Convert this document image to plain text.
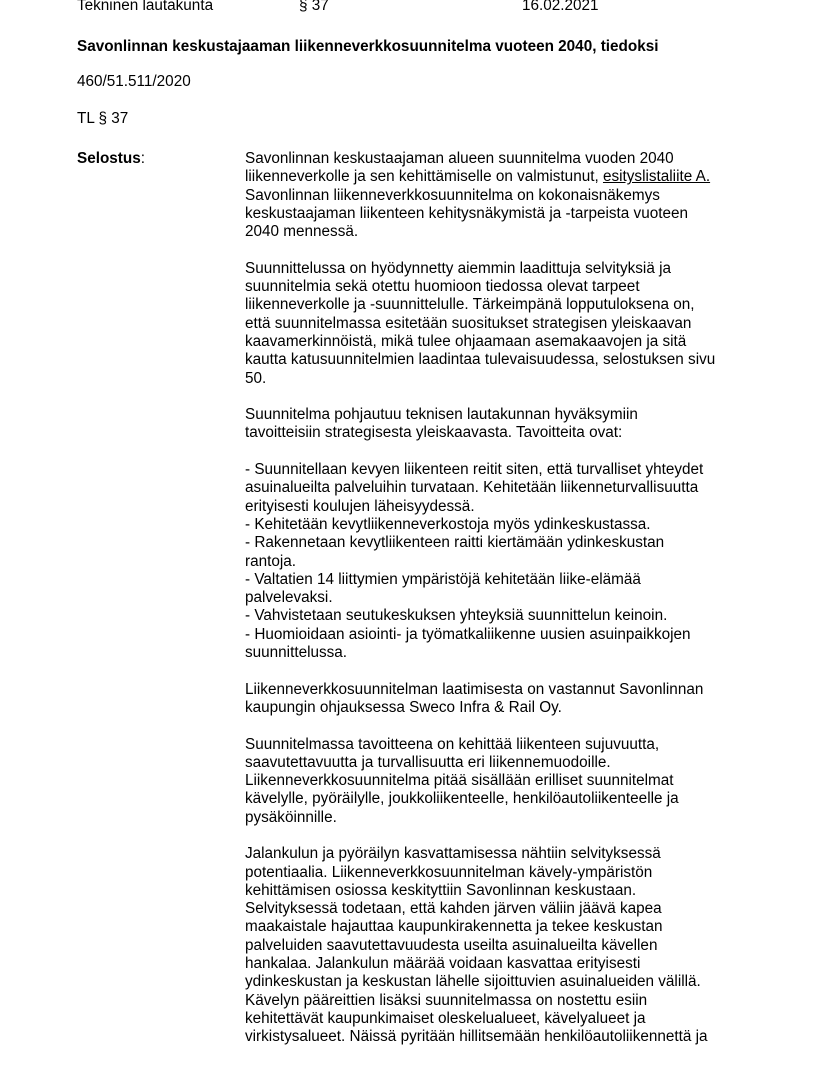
Tekninen lautakunta	§ 37	16.02.2021
Savonlinnan keskustajaaman liikenneverkkosuunnitelma vuoteen 2040, tiedoksi
460/51.511/2020
TL § 37
Selostus:	Savonlinnan keskustaajaman alueen suunnitelma vuoden 2040
liikenneverkolle ja sen kehittämiselle on valmistunut, esityslistaliite A.
Savonlinnan liikenneverkkosuunnitelma on kokonaisnäkemys
keskustaajaman liikenteen kehitysnäkymistä ja -tarpeista vuoteen
2040 mennessä.
Suunnittelussa on hyödynnetty aiemmin laadittuja selvityksiä ja
suunnitelmia sekä otettu huomioon tiedossa olevat tarpeet
liikenneverkolle ja -suunnittelulle. Tärkeimpänä lopputuloksena on,
että suunnitelmassa esitetään suositukset strategisen yleiskaavan
kaavamerkinnöistä, mikä tulee ohjaamaan asemakaavojen ja sitä
kautta katusuunnitelmien laadintaa tulevaisuudessa, selostuksen sivu
50.
Suunnitelma pohjautuu teknisen lautakunnan hyväksymiin
tavoitteisiin strategisesta yleiskaavasta. Tavoitteita ovat:
- Suunnitellaan kevyen liikenteen reitit siten, että turvalliset yhteydet
asuinalueilta palveluihin turvataan. Kehitetään liikenneturvallisuutta
erityisesti koulujen läheisyydessä.
- Kehitetään kevytliikenneverkostoja myös ydinkeskustassa.
- Rakennetaan kevytliikenteen raitti kiertämään ydinkeskustan
rantoja.
- Valtatien 14 liittymien ympäristöjä kehitetään liike-elämää
palvelevaksi.
- Vahvistetaan seutukeskuksen yhteyksiä suunnittelun keinoin.
- Huomioidaan asiointi- ja työmatkaliikenne uusien asuinpaikkojen
suunnittelussa.
Liikenneverkkosuunnitelman laatimisesta on vastannut Savonlinnan
kaupungin ohjauksessa Sweco Infra & Rail Oy.
Suunnitelmassa tavoitteena on kehittää liikenteen sujuvuutta,
saavutettavuutta ja turvallisuutta eri liikennemuodoille.
Liikenneverkkosuunnitelma pitää sisällään erilliset suunnitelmat
kävelylle, pyöräilylle, joukkoliikenteelle, henkilöautoliikenteelle ja
pysäköinnille.
Jalankulun ja pyöräilyn kasvattamisessa nähtiin selvityksessä
potentiaalia. Liikenneverkkosuunnitelman kävely-ympäristön
kehittämisen osiossa keskityttiin Savonlinnan keskustaan.
Selvityksessä todetaan, että kahden järven väliin jäävä kapea
maakaistale hajauttaa kaupunkirakennetta ja tekee keskustan
palveluiden saavutettavuudesta useilta asuinalueilta kävellen
hankalaa. Jalankulun määrää voidaan kasvattaa erityisesti
ydinkeskustan ja keskustan lähelle sijoittuvien asuinalueiden välillä.
Kävelyn pääreittien lisäksi suunnitelmassa on nostettu esiin
kehitettävät kaupunkimaiset oleskelualueet, kävelyalueet ja
virkistysalueet. Näissä pyritään hillitsemään henkilöautoliikennettä ja
